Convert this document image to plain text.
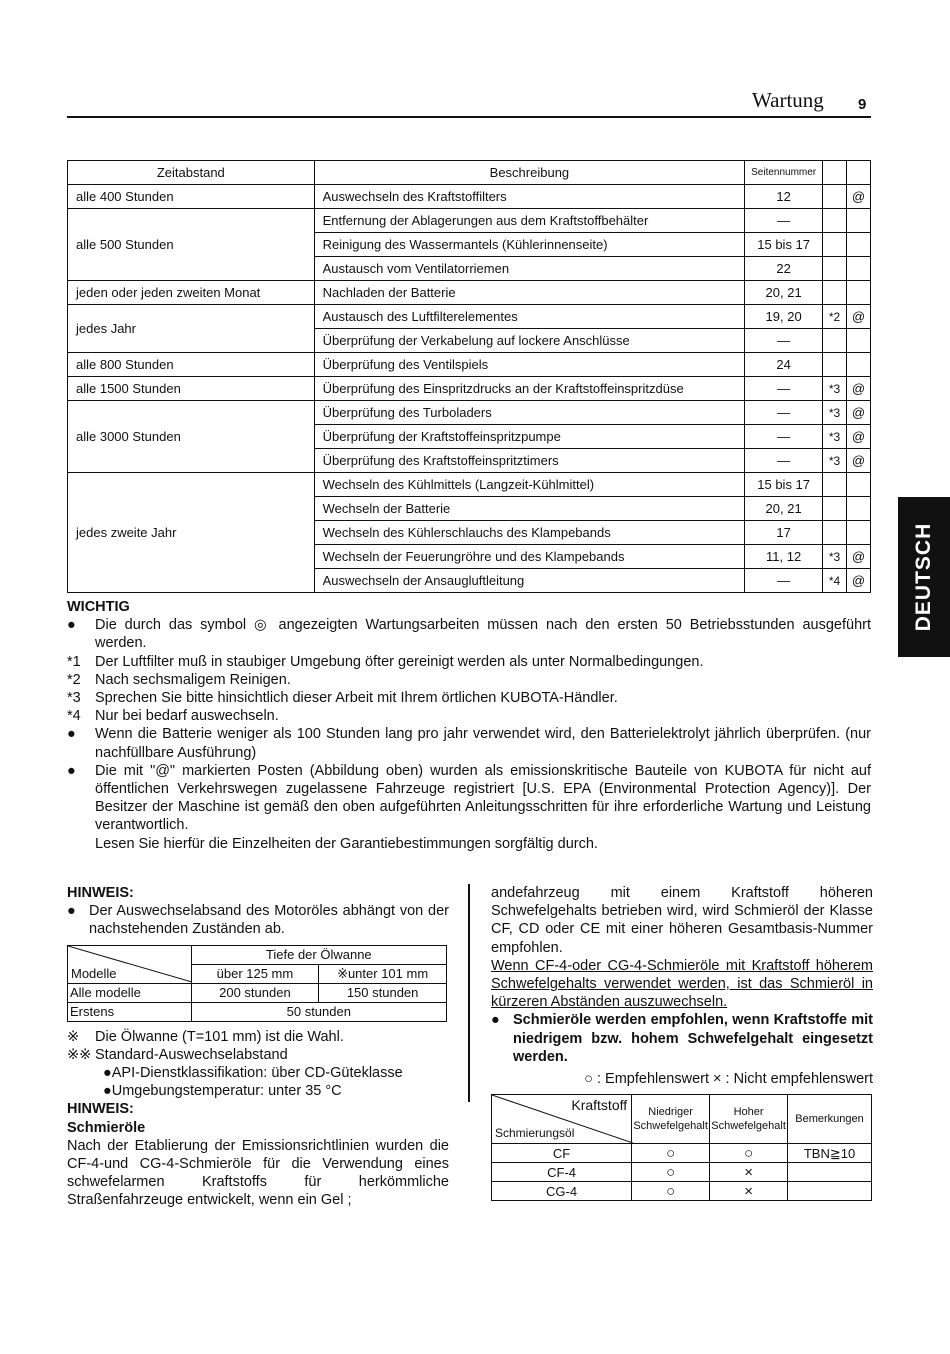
Wartung 9
DEUTSCH
Zeitabstand	Beschreibung	Seitennummer		
alle 400 Stunden	Auswechseln des Kraftstoffilters	12		@
alle 500 Stunden	Entfernung der Ablagerungen aus dem Kraftstoffbehälter	—		
	Reinigung des Wassermantels (Kühlerinnenseite)	15 bis 17		
	Austausch vom Ventilatorriemen	22		
jeden oder jeden zweiten Monat	Nachladen der Batterie	20, 21		
jedes Jahr	Austausch des Luftfilterelementes	19, 20	*2	@
	Überprüfung der Verkabelung auf lockere Anschlüsse	—		
alle 800 Stunden	Überprüfung des Ventilspiels	24		
alle 1500 Stunden	Überprüfung des Einspritzdrucks an der Kraftstoffeinspritzdüse	—	*3	@
alle 3000 Stunden	Überprüfung des Turboladers	—	*3	@
	Überprüfung der Kraftstoffeinspritzpumpe	—	*3	@
	Überprüfung des Kraftstoffeinspritztimers	—	*3	@
jedes zweite Jahr	Wechseln des Kühlmittels (Langzeit-Kühlmittel)	15 bis 17		
	Wechseln der Batterie	20, 21		
	Wechseln des Kühlerschlauchs des Klampebands	17		
	Wechseln der Feuerungröhre und des Klampebands	11, 12	*3	@
	Auswechseln der Ansaugluftleitung	—	*4	@
WICHTIG
●	Die durch das symbol ◎ angezeigten Wartungsarbeiten müssen nach den ersten 50 Betriebsstunden ausgeführt werden.
*1 Der Luftfilter muß in staubiger Umgebung öfter gereinigt werden als unter Normalbedingungen.
*2 Nach sechsmaligem Reinigen.
*3 Sprechen Sie bitte hinsichtlich dieser Arbeit mit Ihrem örtlichen KUBOTA-Händler.
*4 Nur bei bedarf auswechseln.
●	Wenn die Batterie weniger als 100 Stunden lang pro jahr verwendet wird, den Batterielektrolyt jährlich überprüfen. (nur nachfüllbare Ausführung)
●	Die mit "@" markierten Posten (Abbildung oben) wurden als emissionskritische Bauteile von KUBOTA für nicht auf öffentlichen Verkehrswegen zugelassene Fahrzeuge registriert [U.S. EPA (Environmental Protection Agency)]. Der Besitzer der Maschine ist gemäß den oben aufgeführten Anleitungsschritten für ihre erforderliche Wartung und Leistung verantwortlich.
Lesen Sie hierfür die Einzelheiten der Garantiebestimmungen sorgfältig durch.
HINWEIS:
● Der Auswechselabsand des Motoröles abhängt von der nachstehenden Zuständen ab.
Modelle	Tiefe der Ölwanne	
	über 125 mm	※unter 101 mm
Alle modelle	200 stunden	150 stunden
Erstens	50 stunden	
※	Die Ölwanne (T=101 mm) ist die Wahl.
※※ Standard-Auswechselabstand
●API-Dienstklassifikation: über CD-Güteklasse
●Umgebungstemperatur: unter 35 °C
HINWEIS:
Schmieröle
Nach der Etablierung der Emissionsrichtlinien wurden die CF-4-und CG-4-Schmieröle für die Verwendung eines schwefelarmen Kraftstoffs für herkömmliche Straßenfahrzeuge entwickelt, wenn ein Gel ;
andefahrzeug mit einem Kraftstoff höheren Schwefelgehalts betrieben wird, wird Schmieröl der Klasse CF, CD oder CE mit einer höheren Gesamtbasis-Nummer empfohlen.
Wenn CF-4-oder CG-4-Schmieröle mit Kraftstoff höherem Schwefelgehalts verwendet werden, ist das Schmieröl in kürzeren Abständen auszuwechseln.
● Schmieröle werden empfohlen, wenn Kraftstoffe mit niedrigem bzw. hohem Schwefelgehalt eingesetzt werden.
○ : Empfehlenswert × : Nicht empfehlenswert
Kraftstoff
Schmierungsöl	Niedriger Schwefelgehalt	Hoher Schwefelgehalt	Bemerkungen
CF	○	○	TBN≧10
CF-4	○	×	
CG-4	○	×	
